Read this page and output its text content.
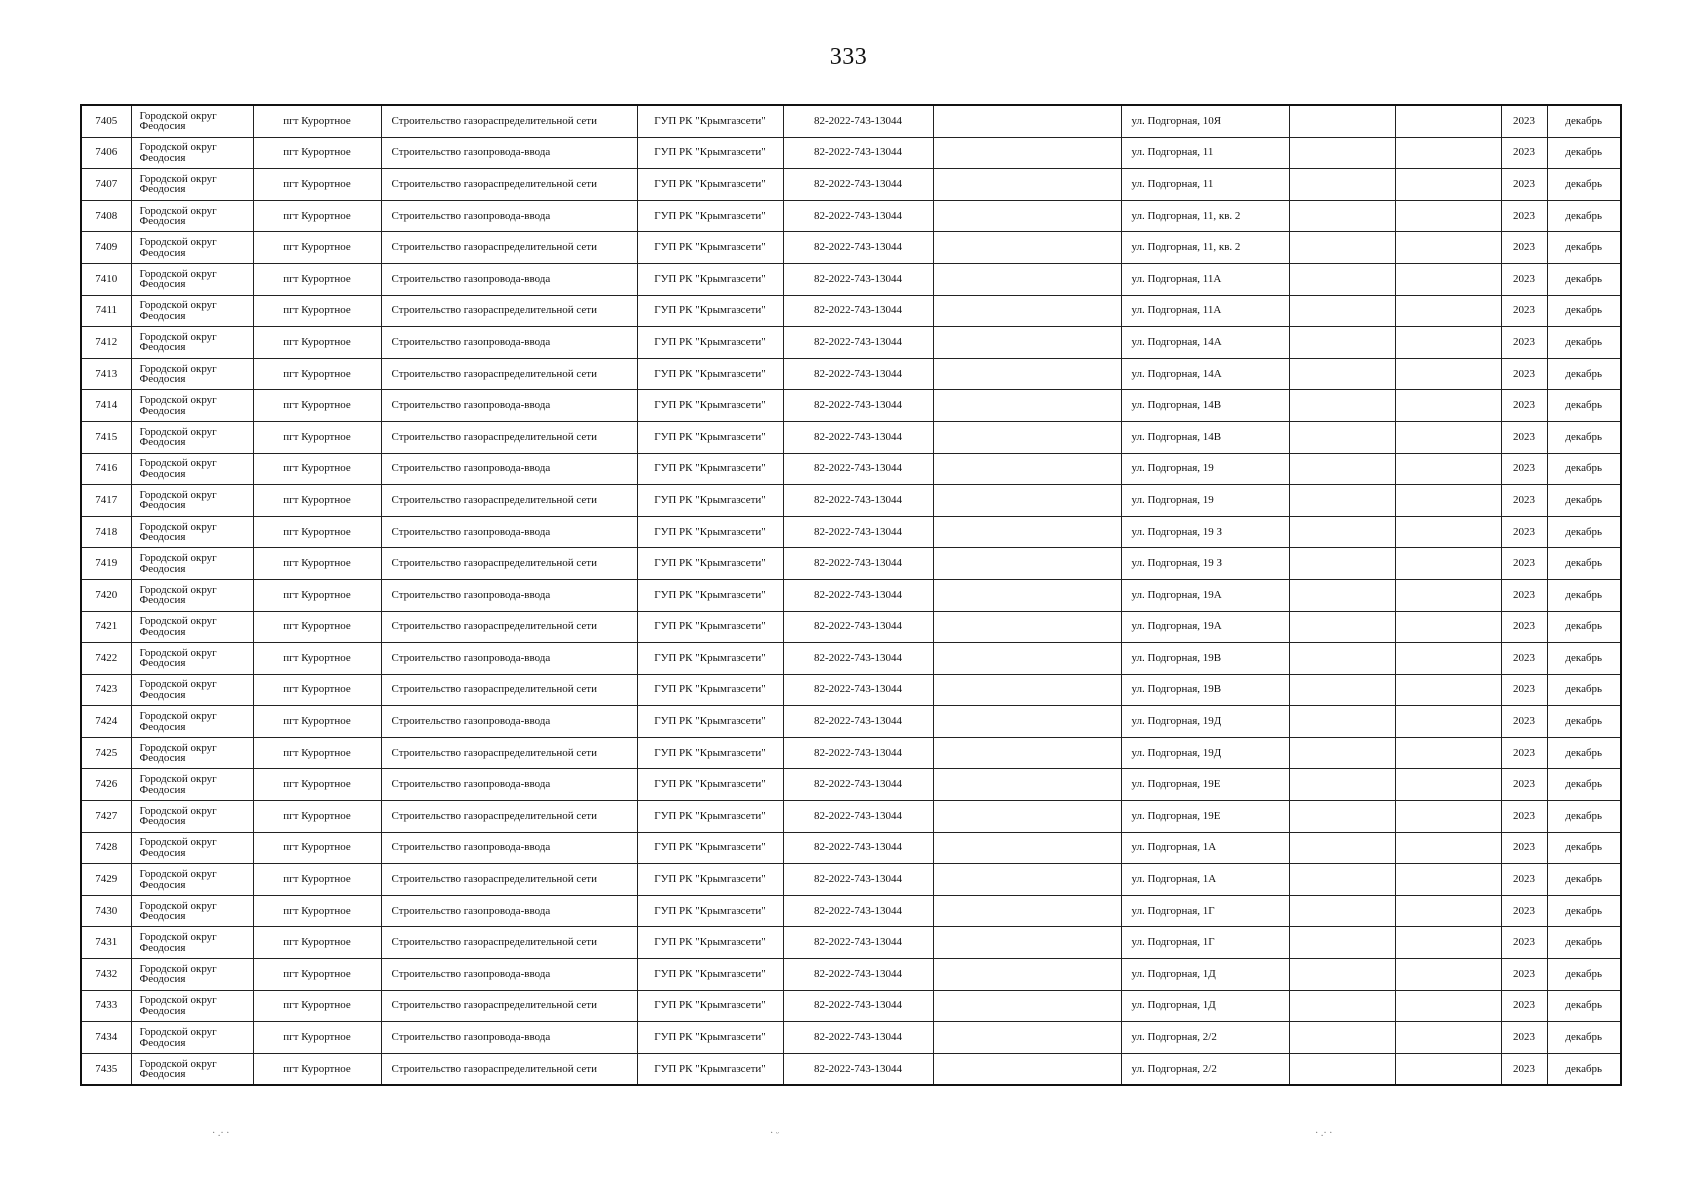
333
7405	Городской округ
Феодосия	пгт Курортное	Строительство газораспределительной сети	ГУП РК "Крымгазсети"	82-2022-743-13044		ул. Подгорная, 10Я			2023	декабрь
7406	Городской округ
Феодосия	пгт Курортное	Строительство газопровода-ввода	ГУП РК "Крымгазсети"	82-2022-743-13044		ул. Подгорная, 11			2023	декабрь
7407	Городской округ
Феодосия	пгт Курортное	Строительство газораспределительной сети	ГУП РК "Крымгазсети"	82-2022-743-13044		ул. Подгорная, 11			2023	декабрь
7408	Городской округ
Феодосия	пгт Курортное	Строительство газопровода-ввода	ГУП РК "Крымгазсети"	82-2022-743-13044		ул. Подгорная, 11, кв. 2			2023	декабрь
7409	Городской округ
Феодосия	пгт Курортное	Строительство газораспределительной сети	ГУП РК "Крымгазсети"	82-2022-743-13044		ул. Подгорная, 11, кв. 2			2023	декабрь
7410	Городской округ
Феодосия	пгт Курортное	Строительство газопровода-ввода	ГУП РК "Крымгазсети"	82-2022-743-13044		ул. Подгорная, 11А			2023	декабрь
7411	Городской округ
Феодосия	пгт Курортное	Строительство газораспределительной сети	ГУП РК "Крымгазсети"	82-2022-743-13044		ул. Подгорная, 11А			2023	декабрь
7412	Городской округ
Феодосия	пгт Курортное	Строительство газопровода-ввода	ГУП РК "Крымгазсети"	82-2022-743-13044		ул. Подгорная, 14А			2023	декабрь
7413	Городской округ
Феодосия	пгт Курортное	Строительство газораспределительной сети	ГУП РК "Крымгазсети"	82-2022-743-13044		ул. Подгорная, 14А			2023	декабрь
7414	Городской округ
Феодосия	пгт Курортное	Строительство газопровода-ввода	ГУП РК "Крымгазсети"	82-2022-743-13044		ул. Подгорная, 14В			2023	декабрь
7415	Городской округ
Феодосия	пгт Курортное	Строительство газораспределительной сети	ГУП РК "Крымгазсети"	82-2022-743-13044		ул. Подгорная, 14В			2023	декабрь
7416	Городской округ
Феодосия	пгт Курортное	Строительство газопровода-ввода	ГУП РК "Крымгазсети"	82-2022-743-13044		ул. Подгорная, 19			2023	декабрь
7417	Городской округ
Феодосия	пгт Курортное	Строительство газораспределительной сети	ГУП РК "Крымгазсети"	82-2022-743-13044		ул. Подгорная, 19			2023	декабрь
7418	Городской округ
Феодосия	пгт Курортное	Строительство газопровода-ввода	ГУП РК "Крымгазсети"	82-2022-743-13044		ул. Подгорная, 19 З			2023	декабрь
7419	Городской округ
Феодосия	пгт Курортное	Строительство газораспределительной сети	ГУП РК "Крымгазсети"	82-2022-743-13044		ул. Подгорная, 19 З			2023	декабрь
7420	Городской округ
Феодосия	пгт Курортное	Строительство газопровода-ввода	ГУП РК "Крымгазсети"	82-2022-743-13044		ул. Подгорная, 19А			2023	декабрь
7421	Городской округ
Феодосия	пгт Курортное	Строительство газораспределительной сети	ГУП РК "Крымгазсети"	82-2022-743-13044		ул. Подгорная, 19А			2023	декабрь
7422	Городской округ
Феодосия	пгт Курортное	Строительство газопровода-ввода	ГУП РК "Крымгазсети"	82-2022-743-13044		ул. Подгорная, 19В			2023	декабрь
7423	Городской округ
Феодосия	пгт Курортное	Строительство газораспределительной сети	ГУП РК "Крымгазсети"	82-2022-743-13044		ул. Подгорная, 19В			2023	декабрь
7424	Городской округ
Феодосия	пгт Курортное	Строительство газопровода-ввода	ГУП РК "Крымгазсети"	82-2022-743-13044		ул. Подгорная, 19Д			2023	декабрь
7425	Городской округ
Феодосия	пгт Курортное	Строительство газораспределительной сети	ГУП РК "Крымгазсети"	82-2022-743-13044		ул. Подгорная, 19Д			2023	декабрь
7426	Городской округ
Феодосия	пгт Курортное	Строительство газопровода-ввода	ГУП РК "Крымгазсети"	82-2022-743-13044		ул. Подгорная, 19Е			2023	декабрь
7427	Городской округ
Феодосия	пгт Курортное	Строительство газораспределительной сети	ГУП РК "Крымгазсети"	82-2022-743-13044		ул. Подгорная, 19Е			2023	декабрь
7428	Городской округ
Феодосия	пгт Курортное	Строительство газопровода-ввода	ГУП РК "Крымгазсети"	82-2022-743-13044		ул. Подгорная, 1А			2023	декабрь
7429	Городской округ
Феодосия	пгт Курортное	Строительство газораспределительной сети	ГУП РК "Крымгазсети"	82-2022-743-13044		ул. Подгорная, 1А			2023	декабрь
7430	Городской округ
Феодосия	пгт Курортное	Строительство газопровода-ввода	ГУП РК "Крымгазсети"	82-2022-743-13044		ул. Подгорная, 1Г			2023	декабрь
7431	Городской округ
Феодосия	пгт Курортное	Строительство газораспределительной сети	ГУП РК "Крымгазсети"	82-2022-743-13044		ул. Подгорная, 1Г			2023	декабрь
7432	Городской округ
Феодосия	пгт Курортное	Строительство газопровода-ввода	ГУП РК "Крымгазсети"	82-2022-743-13044		ул. Подгорная, 1Д			2023	декабрь
7433	Городской округ
Феодосия	пгт Курортное	Строительство газораспределительной сети	ГУП РК "Крымгазсети"	82-2022-743-13044		ул. Подгорная, 1Д			2023	декабрь
7434	Городской округ
Феодосия	пгт Курортное	Строительство газопровода-ввода	ГУП РК "Крымгазсети"	82-2022-743-13044		ул. Подгорная, 2/2			2023	декабрь
7435	Городской округ
Феодосия	пгт Курортное	Строительство газораспределительной сети	ГУП РК "Крымгазсети"	82-2022-743-13044		ул. Подгорная, 2/2			2023	декабрь
· .· ·	· ᵕ	· .· ·
